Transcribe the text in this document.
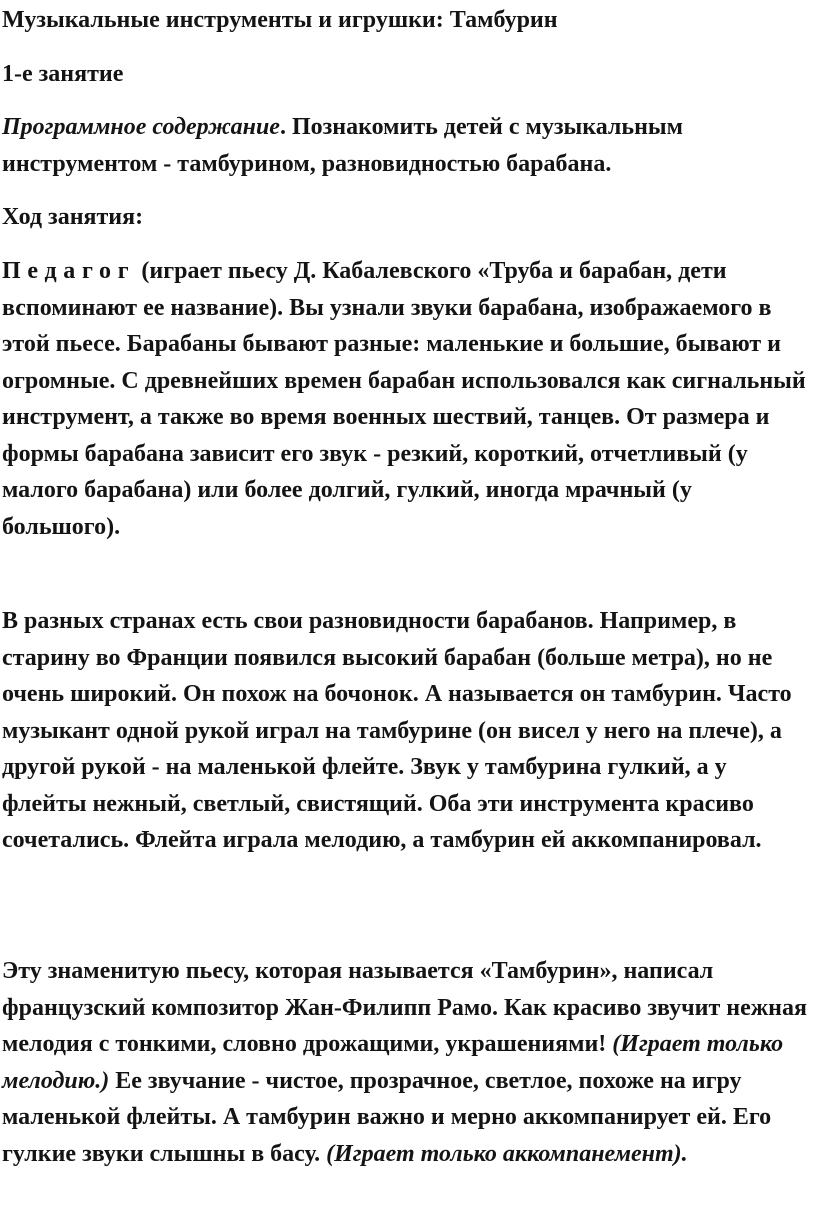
Музыкальные инструменты и игрушки: Тамбурин

1-е занятие

Программное содержание. Познакомить детей с музыкальным инструментом - тамбурином, разновидностью барабана.

Ход занятия:

Педагог (играет пьесу Д. Кабалевского «Труба и барабан, дети вспоминают ее название). Вы узнали звуки барабана, изображаемого в этой пьесе. Барабаны бывают разные: маленькие и большие, бывают и огромные. С древнейших времен барабан использовался как сигнальный инструмент, а также во время военных шествий, танцев. От размера и формы барабана зависит его звук - резкий, короткий, отчетливый (у малого барабана) или более долгий, гулкий, иногда мрачный (у большого).

В разных странах есть свои разновидности барабанов. Например, в старину во Франции появился высокий барабан (больше метра), но не очень широкий. Он похож на бочонок. А называется он тамбурин. Часто музыкант одной рукой играл на тамбурине (он висел у него на плече), а другой рукой - на маленькой флейте. Звук у тамбурина гулкий, а у флейты нежный, светлый, свистящий. Оба эти инструмента красиво сочетались. Флейта играла мелодию, а тамбурин ей аккомпанировал.

Эту знаменитую пьесу, которая называется «Тамбурин», написал французский композитор Жан-Филипп Рамо. Как красиво звучит нежная мелодия с тонкими, словно дрожащими, украшениями! (Играет только мелодию.) Ее звучание - чистое, прозрачное, светлое, похоже на игру маленькой флейты. А тамбурин важно и мерно аккомпанирует ей. Его гулкие звуки слышны в басу. (Играет только аккомпанемент).
